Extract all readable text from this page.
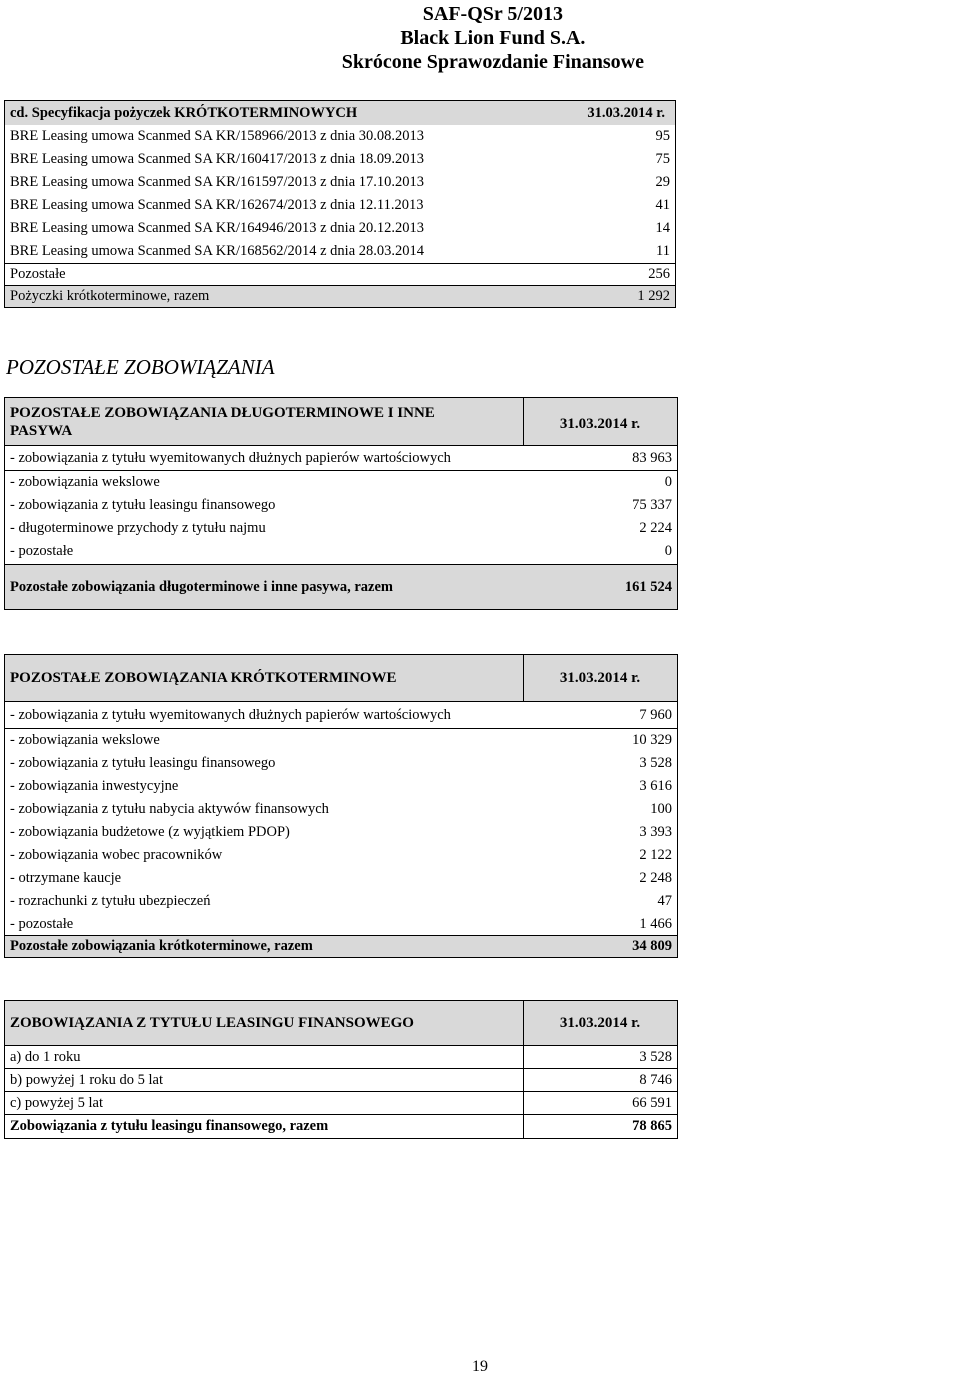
SAF-QSr 5/2013
Black Lion Fund S.A.
Skrócone Sprawozdanie Finansowe
cd. Specyfikacja pożyczek KRÓTKOTERMINOWYCH	31.03.2014 r.
BRE Leasing umowa Scanmed SA KR/158966/2013 z dnia 30.08.2013	95
BRE Leasing umowa Scanmed SA KR/160417/2013 z dnia 18.09.2013	75
BRE Leasing umowa Scanmed SA KR/161597/2013 z dnia 17.10.2013	29
BRE Leasing umowa Scanmed SA KR/162674/2013 z dnia 12.11.2013	41
BRE Leasing umowa Scanmed SA KR/164946/2013 z dnia 20.12.2013	14
BRE Leasing umowa Scanmed SA KR/168562/2014 z dnia 28.03.2014	11
Pozostałe	256
Pożyczki krótkoterminowe, razem	1 292
POZOSTAŁE ZOBOWIĄZANIA
POZOSTAŁE ZOBOWIĄZANIA DŁUGOTERMINOWE I INNE
PASYWA	31.03.2014 r.
- zobowiązania z tytułu wyemitowanych dłużnych papierów wartościowych	83 963
- zobowiązania wekslowe	0
- zobowiązania z tytułu leasingu finansowego	75 337
- długoterminowe przychody z tytułu najmu	2 224
- pozostałe	0
Pozostałe zobowiązania długoterminowe i inne pasywa, razem	161 524
POZOSTAŁE ZOBOWIĄZANIA KRÓTKOTERMINOWE	31.03.2014 r.
- zobowiązania z tytułu wyemitowanych dłużnych papierów wartościowych	7 960
- zobowiązania wekslowe	10 329
- zobowiązania z tytułu leasingu finansowego	3 528
- zobowiązania inwestycyjne	3 616
- zobowiązania z tytułu nabycia aktywów finansowych	100
- zobowiązania budżetowe (z wyjątkiem PDOP)	3 393
- zobowiązania wobec pracowników	2 122
- otrzymane kaucje	2 248
- rozrachunki z tytułu ubezpieczeń	47
- pozostałe	1 466
Pozostałe zobowiązania krótkoterminowe, razem	34 809
ZOBOWIĄZANIA Z TYTUŁU LEASINGU FINANSOWEGO	31.03.2014 r.
a) do 1 roku	3 528
b) powyżej 1 roku do 5 lat	8 746
c) powyżej 5 lat	66 591
Zobowiązania z tytułu leasingu finansowego, razem	78 865
19
